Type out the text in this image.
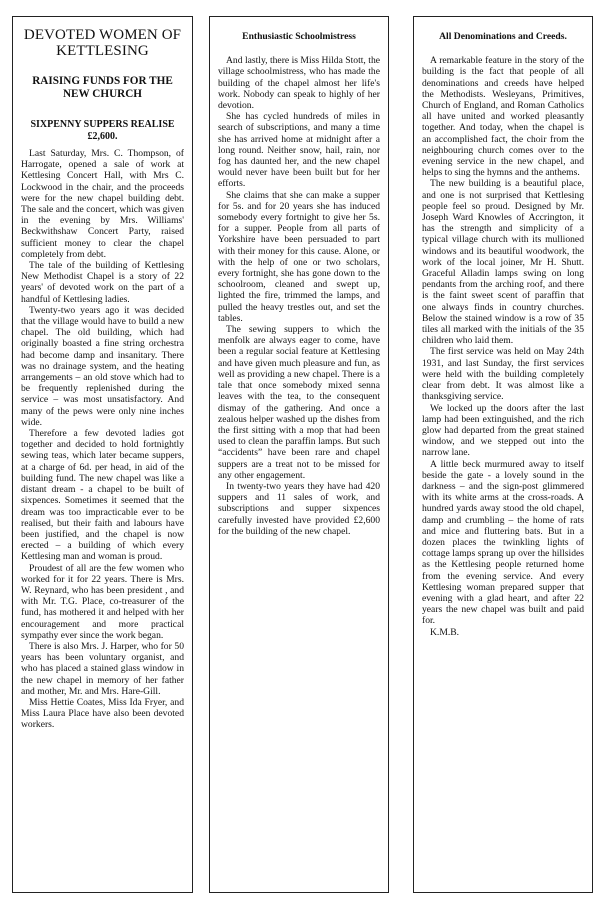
DEVOTED WOMEN OF KETTLESING
RAISING FUNDS FOR THE NEW CHURCH
SIXPENNY SUPPERS REALISE £2,600.

Last Saturday, Mrs. C. Thompson, of Harrogate, opened a sale of work at Kettlesing Concert Hall, with Mrs C. Lockwood in the chair, and the proceeds were for the new chapel building debt. The sale and the concert, which was given in the evening by Mrs. Williams' Beckwithshaw Concert Party, raised sufficient money to clear the chapel completely from debt.

The tale of the building of Kettlesing New Methodist Chapel is a story of 22 years' of devoted work on the part of a handful of Kettlesing ladies.

Twenty-two years ago it was decided that the village would have to build a new chapel. The old building, which had originally boasted a fine string orchestra had become damp and insanitary. There was no drainage system, and the heating arrangements – an old stove which had to be frequently replenished during the service – was most unsatisfactory. And many of the pews were only nine inches wide.

Therefore a few devoted ladies got together and decided to hold fortnightly sewing teas, which later became suppers, at a charge of 6d. per head, in aid of the building fund. The new chapel was like a distant dream - a chapel to be built of sixpences. Sometimes it seemed that the dream was too impracticable ever to be realised, but their faith and labours have been justified, and the chapel is now erected – a building of which every Kettlesing man and woman is proud.

Proudest of all are the few women who worked for it for 22 years. There is Mrs. W. Reynard, who has been president , and with Mr. T.G. Place, co-treasurer of the fund, has mothered it and helped with her encouragement and more practical sympathy ever since the work began.

There is also Mrs. J. Harper, who for 50 years has been voluntary organist, and who has placed a stained glass window in the new chapel in memory of her father and mother, Mr. and Mrs. Hare-Gill.

Miss Hettie Coates, Miss Ida Fryer, and Miss Laura Place have also been devoted workers.

Enthusiastic Schoolmistress

And lastly, there is Miss Hilda Stott, the village schoolmistress, who has made the building of the chapel almost her life's work. Nobody can speak to highly of her devotion.

She has cycled hundreds of miles in search of subscriptions, and many a time she has arrived home at midnight after a long round. Neither snow, hail, rain, nor fog has daunted her, and the new chapel would never have been built but for her efforts.

She claims that she can make a supper for 5s. and for 20 years she has induced somebody every fortnight to give her 5s. for a supper. People from all parts of Yorkshire have been persuaded to part with their money for this cause. Alone, or with the help of one or two scholars, every fortnight, she has gone down to the schoolroom, cleaned and swept up, lighted the fire, trimmed the lamps, and pulled the heavy trestles out, and set the tables.

The sewing suppers to which the menfolk are always eager to come, have been a regular social feature at Kettlesing and have given much pleasure and fun, as well as providing a new chapel. There is a tale that once somebody mixed senna leaves with the tea, to the consequent dismay of the gathering. And once a zealous helper washed up the dishes from the first sitting with a mop that had been used to clean the paraffin lamps. But such “accidents” have been rare and chapel suppers are a treat not to be missed for any other engagement.

In twenty-two years they have had 420 suppers and 11 sales of work, and subscriptions and supper sixpences carefully invested have provided £2,600 for the building of the new chapel.

All Denominations and Creeds.

A remarkable feature in the story of the building is the fact that people of all denominations and creeds have helped the Methodists. Wesleyans, Primitives, Church of England, and Roman Catholics all have united and worked pleasantly together. And today, when the chapel is an accomplished fact, the choir from the neighbouring church comes over to the evening service in the new chapel, and helps to sing the hymns and the anthems.

The new building is a beautiful place, and one is not surprised that Kettlesing people feel so proud. Designed by Mr. Joseph Ward Knowles of Accrington, it has the strength and simplicity of a typical village church with its mullioned windows and its beautiful woodwork, the work of the local joiner, Mr H. Shutt. Graceful Alladin lamps swing on long pendants from the arching roof, and there is the faint sweet scent of paraffin that one always finds in country churches. Below the stained window is a row of 35 tiles all marked with the initials of the 35 children who laid them.

The first service was held on May 24th 1931, and last Sunday, the first services were held with the building completely clear from debt. It was almost like a thanksgiving service.

We locked up the doors after the last lamp had been extinguished, and the rich glow had departed from the great stained window, and we stepped out into the narrow lane.

A little beck murmured away to itself beside the gate - a lovely sound in the darkness – and the sign-post glimmered with its white arms at the cross-roads. A hundred yards away stood the old chapel, damp and crumbling – the home of rats and mice and fluttering bats. But in a dozen places the twinkling lights of cottage lamps sprang up over the hillsides as the Kettlesing people returned home from the evening service. And every Kettlesing woman prepared supper that evening with a glad heart, and after 22 years the new chapel was built and paid for.

K.M.B.
